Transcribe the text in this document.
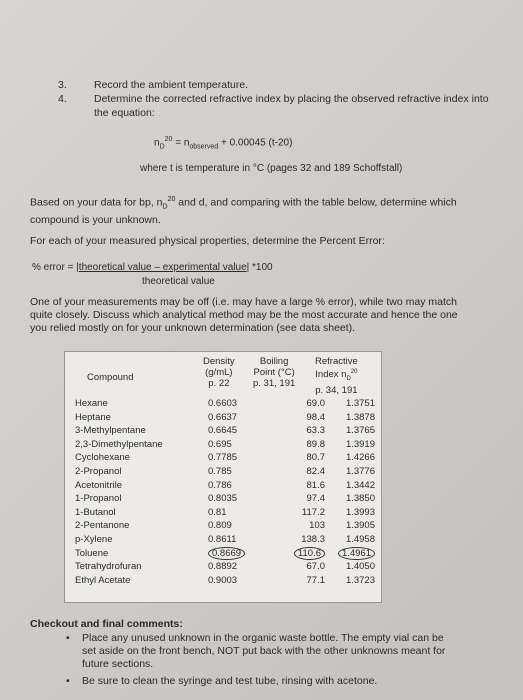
3.	Record the ambient temperature.
4.	Determine the corrected refractive index by placing the observed refractive index into the equation:
$n_D^{20} = n_{observed} + 0.00045$ (t-20)
where t is temperature in °C (pages 32 and 189 Schoffstall)
Based on your data for bp, $n_D^{20}$ and d, and comparing with the table below, determine which compound is your unknown.
For each of your measured physical properties, determine the Percent Error:
% error = |theoretical value – experimental value| *100
theoretical value
One of your measurements may be off (i.e. may have a large % error), while two may match quite closely. Discuss which analytical method may be the most accurate and hence the one you relied mostly on for your unknown determination (see data sheet).
Compound
Density
(g/mL)
p. 22
Boiling
Point (°C)
p. 31, 191
Refractive
Index $n_D^{20}$
p. 34, 191
Hexane	0.6603	69.0 1.3751
Heptane	0.6637	98.4 1.3878
3-Methylpentane	0.6645	63.3 1.3765
2,3-Dimethylpentane	0.695	89.8 1.3919
Cyclohexane	0.7785	80.7 1.4266
2-Propanol	0.785	82.4 1.3776
Acetonitrile	0.786	81.6 1.3442
1-Propanol	0.8035	97.4 1.3850
1-Butanol	0.81	117.2 1.3993
2-Pentanone	0.809	103 1.3905
p-Xylene	0.8611	138.3 1.4958
Toluene	0.8669	110.6	1.4961
Tetrahydrofuran	0.8892	67.0 1.4050
Ethyl Acetate	0.9003	77.1 1.3723
Checkout and final comments:
•	Place any unused unknown in the organic waste bottle. The empty vial can be set aside on the front bench, NOT put back with the other unknowns meant for future sections.
•	Be sure to clean the syringe and test tube, rinsing with acetone.
